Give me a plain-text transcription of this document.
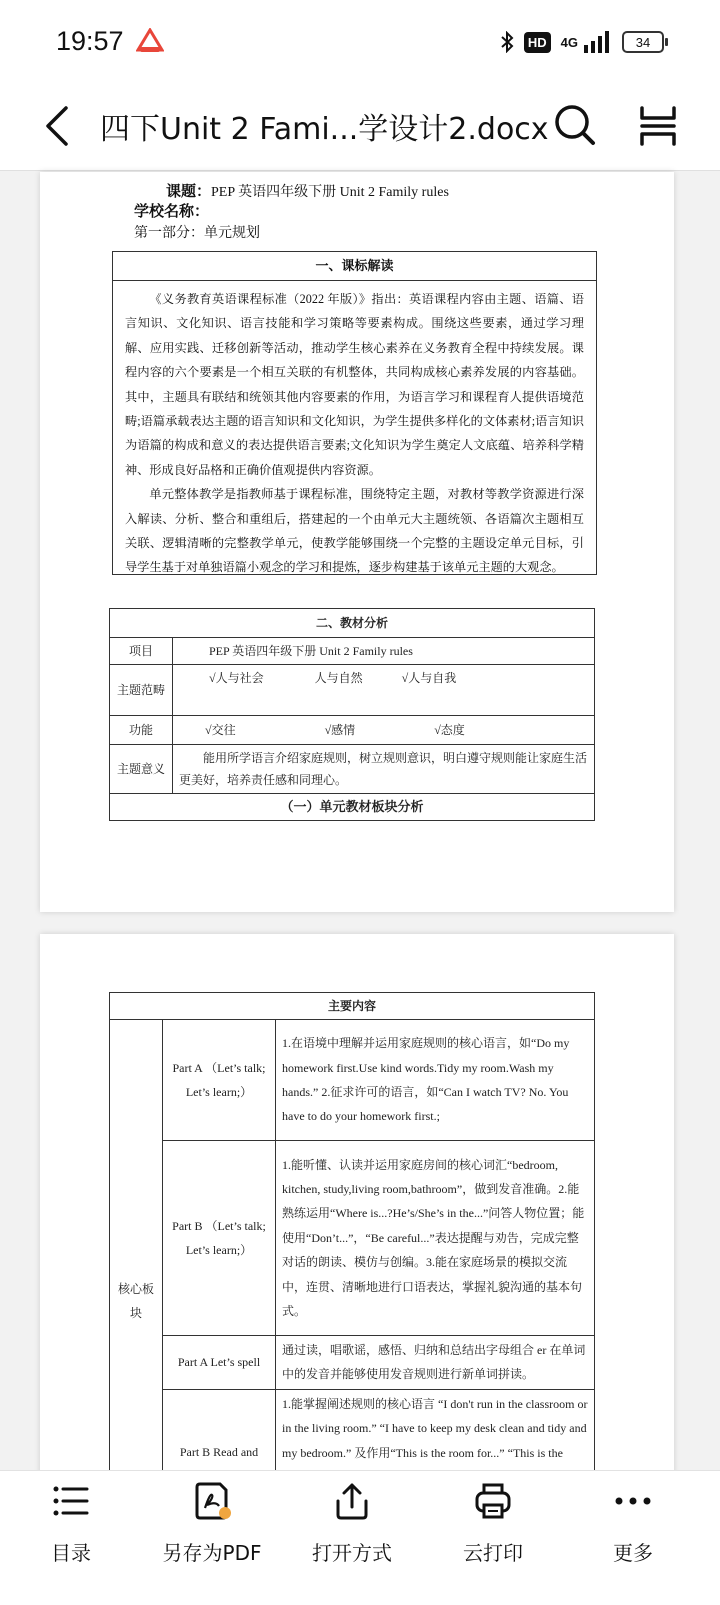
19:57	HD	4G	34
四下Unit 2 Fami...学设计2.docx
课题：PEP 英语四年级下册 Unit 2 Family rules
学校名称：
第一部分：单元规划
一、课标解读

《义务教育英语课程标准（2022 年版）》指出：英语课程内容由主题、语篇、语言知识、文化知识、语言技能和学习策略等要素构成。围绕这些要素，通过学习理解、应用实践、迁移创新等活动，推动学生核心素养在义务教育全程中持续发展。课程内容的六个要素是一个相互关联的有机整体，共同构成核心素养发展的内容基础。其中，主题具有联结和统领其他内容要素的作用，为语言学习和课程育人提供语境范畴;语篇承载表达主题的语言知识和文化知识，为学生提供多样化的文体素材;语言知识为语篇的构成和意义的表达提供语言要素;文化知识为学生奠定人文底蕴、培养科学精神、形成良好品格和正确价值观提供内容资源。

单元整体教学是指教师基于课程标准，围绕特定主题，对教材等教学资源进行深入解读、分析、整合和重组后，搭建起的一个由单元大主题统领、各语篇次主题相互关联、逻辑清晰的完整教学单元，使教学能够围绕一个完整的主题设定单元目标，引导学生基于对单独语篇小观念的学习和提炼，逐步构建基于该单元主题的大观念。

二、教材分析	
项目	PEP 英语四年级下册 Unit 2 Family rules
主题范畴	√人与社会 人与自然 √人与自我
功能	√交往 √感情 √态度
主题意义	能用所学语言介绍家庭规则，树立规则意识，明白遵守规则能让家庭生活更美好，培养责任感和同理心。
（一）单元教材板块分析	
主要内容		
核心板块	Part A （Let’s talk; Let’s learn;）	1.在语境中理解并运用家庭规则的核心语言，如“Do my homework first.Use kind words.Tidy my room.Wash my hands.” 2.征求许可的语言，如“Can I watch TV? No. You have to do your homework first.;
	Part B （Let’s talk; Let’s learn;）	1.能听懂、认读并运用家庭房间的核心词汇“bedroom, kitchen, study,living room,bathroom”，做到发音准确。2.能熟练运用“Where is...?He’s/She’s in the...”问答人物位置；能使用“Don’t...”，“Be careful...”表达提醒与劝告，完成完整对话的朗读、模仿与创编。3.能在家庭场景的模拟交流中，连贯、清晰地进行口语表达，掌握礼貌沟通的基本句式。
	Part A Let’s spell	通过读，唱歌谣，感悟、归纳和总结出字母组合 er 在单词中的发音并能够使用发音规则进行新单词拼读。
	Part B Read and	1.能掌握阐述规则的核心语言 “I don't run in the classroom or in the living room.” “I have to keep my desk clean and tidy and my bedroom.” 及作用“This is the room for...” “This is the
目录	另存为PDF	打开方式	云打印	更多
